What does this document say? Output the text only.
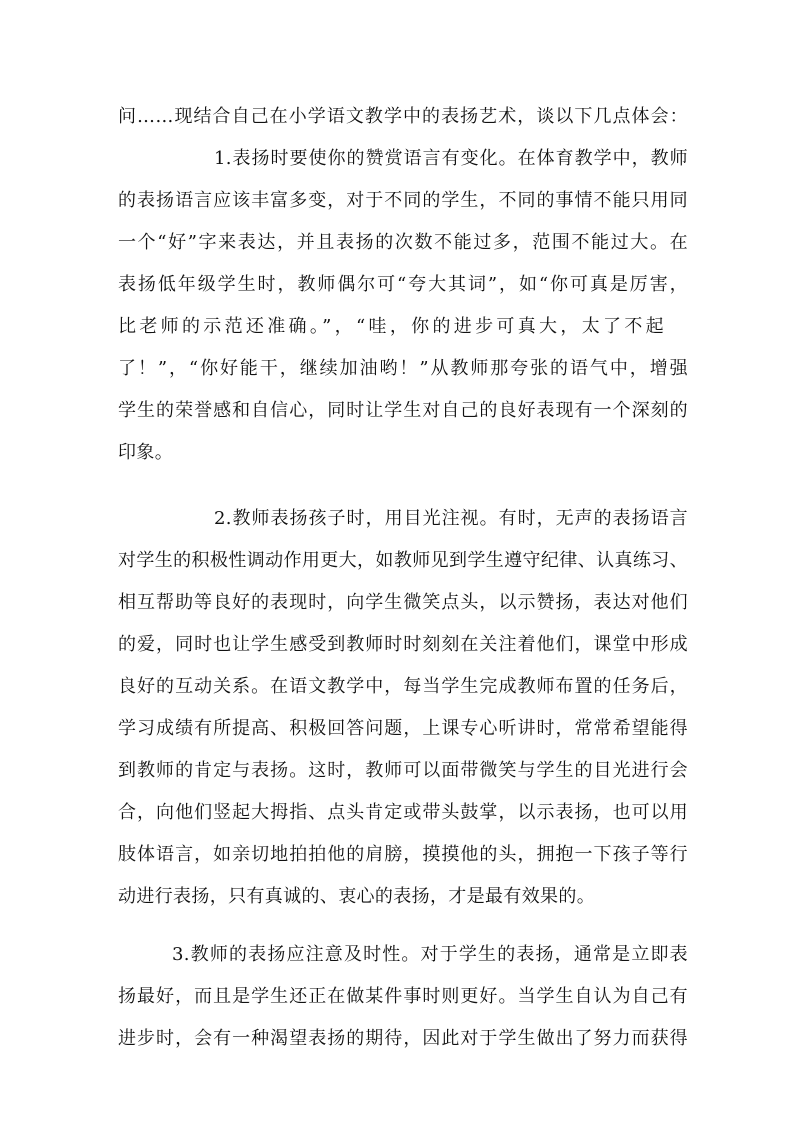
问……现结合自己在小学语文教学中的表扬艺术，谈以下几点体会：
1.表扬时要使你的赞赏语言有变化。在体育教学中，教师
的表扬语言应该丰富多变，对于不同的学生，不同的事情不能只用同
一个“好”字来表达，并且表扬的次数不能过多，范围不能过大。在
表扬低年级学生时，教师偶尔可“夸大其词”，如“你可真是厉害，
比老师的示范还准确。”，“哇，你的进步可真大，太了不起
了！”，“你好能干，继续加油哟！”从教师那夸张的语气中，增强
学生的荣誉感和自信心，同时让学生对自己的良好表现有一个深刻的
印象。
2.教师表扬孩子时，用目光注视。有时，无声的表扬语言
对学生的积极性调动作用更大，如教师见到学生遵守纪律、认真练习、
相互帮助等良好的表现时，向学生微笑点头，以示赞扬，表达对他们
的爱，同时也让学生感受到教师时时刻刻在关注着他们，课堂中形成
良好的互动关系。在语文教学中，每当学生完成教师布置的任务后，
学习成绩有所提高、积极回答问题，上课专心听讲时，常常希望能得
到教师的肯定与表扬。这时，教师可以面带微笑与学生的目光进行会
合，向他们竖起大拇指、点头肯定或带头鼓掌，以示表扬，也可以用
肢体语言，如亲切地拍拍他的肩膀，摸摸他的头，拥抱一下孩子等行
动进行表扬，只有真诚的、衷心的表扬，才是最有效果的。
3.教师的表扬应注意及时性。对于学生的表扬，通常是立即表
扬最好，而且是学生还正在做某件事时则更好。当学生自认为自己有
进步时，会有一种渴望表扬的期待，因此对于学生做出了努力而获得
